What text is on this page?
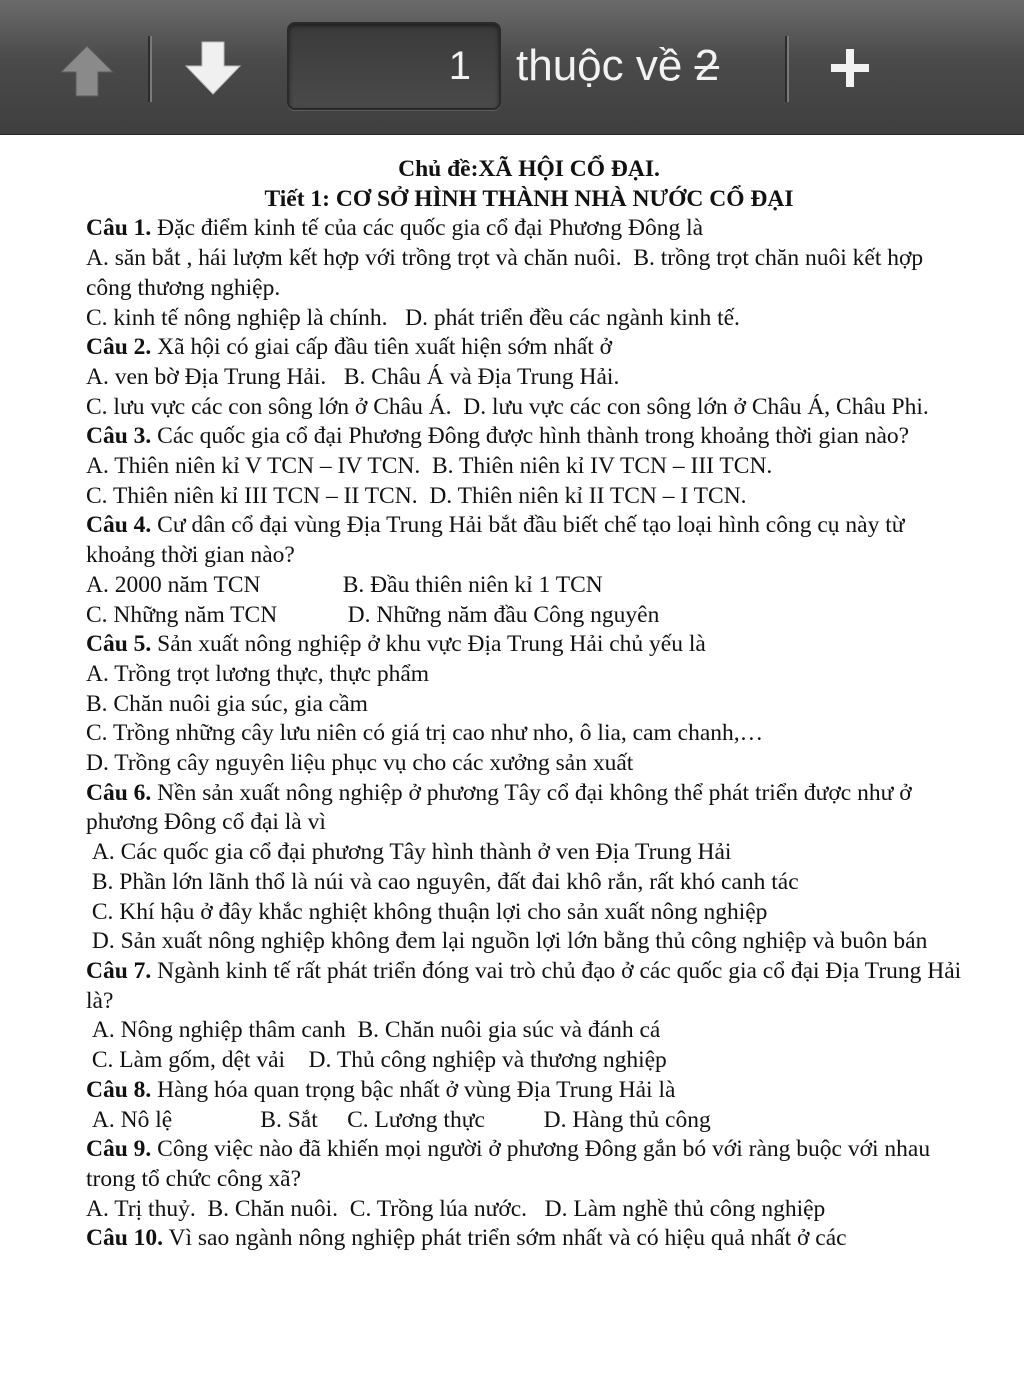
1 thuộc về
2

Chủ đề:XÃ HỘI CỔ ĐẠI.

Tiết 1: CƠ SỞ HÌNH THÀNH NHÀ NƯỚC CỔ ĐẠI

Câu 1. Đặc điểm kinh tế của các quốc gia cổ đại Phương Đông là

A. săn bắt , hái lượm kết hợp với trồng trọt và chăn nuôi.  B. trồng trọt chăn nuôi kết hợp công thương nghiệp.

C. kinh tế nông nghiệp là chính.   D. phát triển đều các ngành kinh tế.

Câu 2. Xã hội có giai cấp đầu tiên xuất hiện sớm nhất ở

A. ven bờ Địa Trung Hải.   B. Châu Á và Địa Trung Hải.

C. lưu vực các con sông lớn ở Châu Á.  D. lưu vực các con sông lớn ở Châu Á, Châu Phi.

Câu 3. Các quốc gia cổ đại Phương Đông được hình thành trong khoảng thời gian nào?

A. Thiên niên kỉ V TCN – IV TCN.  B. Thiên niên kỉ IV TCN – III TCN.

C. Thiên niên kỉ III TCN – II TCN.  D. Thiên niên kỉ II TCN – I TCN.

Câu 4. Cư dân cổ đại vùng Địa Trung Hải bắt đầu biết chế tạo loại hình công cụ này từ khoảng thời gian nào?

A. 2000 năm TCN              B. Đầu thiên niên kỉ 1 TCN

C. Những năm TCN            D. Những năm đầu Công nguyên

Câu 5. Sản xuất nông nghiệp ở khu vực Địa Trung Hải chủ yếu là

A. Trồng trọt lương thực, thực phẩm

B. Chăn nuôi gia súc, gia cầm

C. Trồng những cây lưu niên có giá trị cao như nho, ô lia, cam chanh,…

D. Trồng cây nguyên liệu phục vụ cho các xưởng sản xuất

Câu 6. Nền sản xuất nông nghiệp ở phương Tây cổ đại không thể phát triển được như ở phương Đông cổ đại là vì

A. Các quốc gia cổ đại phương Tây hình thành ở ven Địa Trung Hải

B. Phần lớn lãnh thổ là núi và cao nguyên, đất đai khô rắn, rất khó canh tác

C. Khí hậu ở đây khắc nghiệt không thuận lợi cho sản xuất nông nghiệp

D. Sản xuất nông nghiệp không đem lại nguồn lợi lớn bằng thủ công nghiệp và buôn bán

Câu 7. Ngành kinh tế rất phát triển đóng vai trò chủ đạo ở các quốc gia cổ đại Địa Trung Hải là?

A. Nông nghiệp thâm canh  B. Chăn nuôi gia súc và đánh cá

C. Làm gốm, dệt vải    D. Thủ công nghiệp và thương nghiệp

Câu 8. Hàng hóa quan trọng bậc nhất ở vùng Địa Trung Hải là

A. Nô lệ               B. Sắt     C. Lương thực          D. Hàng thủ công

Câu 9. Công việc nào đã khiến mọi người ở phương Đông gắn bó với ràng buộc với nhau trong tổ chức công xã?

A. Trị thuỷ.  B. Chăn nuôi.  C. Trồng lúa nước.   D. Làm nghề thủ công nghiệp

Câu 10. Vì sao ngành nông nghiệp phát triển sớm nhất và có hiệu quả nhất ở các
